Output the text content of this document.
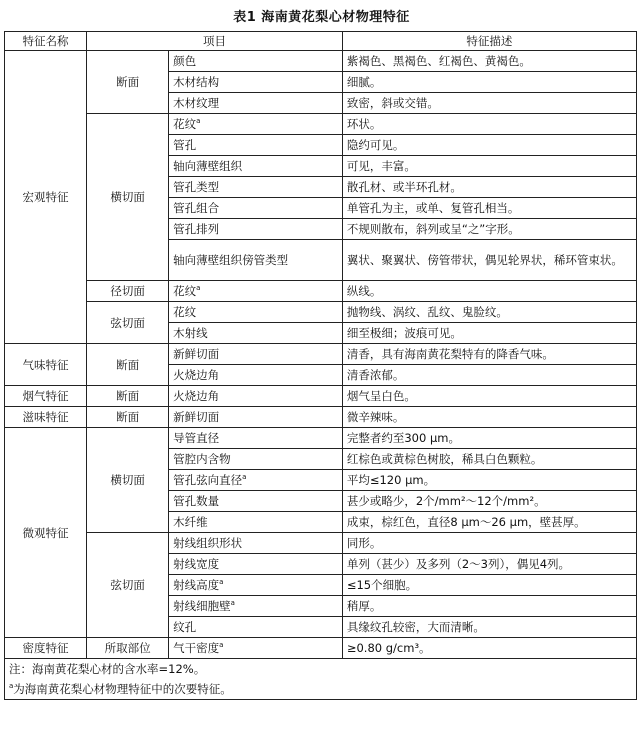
表1 海南黄花梨心材物理特征
特征名称	项目		特征描述
宏观特征	断面	颜色	紫褐色、黑褐色、红褐色、黄褐色。
		木材结构	细腻。
		木材纹理	致密，斜或交错。
	横切面	花纹$^a$	环状。
		管孔	隐约可见。
		轴向薄壁组织	可见，丰富。
		管孔类型	散孔材、或半环孔材。
		管孔组合	单管孔为主，或单、复管孔相当。
		管孔排列	不规则散布，斜列或呈“之”字形。
		轴向薄壁组织傍管类型	翼状、聚翼状、傍管带状，偶见轮界状，稀环管束状。
	径切面	花纹$^a$	纵线。
	弦切面	花纹	抛物线、涡纹、乱纹、鬼脸纹。
		木射线	细至极细；波痕可见。
气味特征	断面	新鲜切面	清香，具有海南黄花梨特有的降香气味。
		火烧边角	清香浓郁。
烟气特征	断面	火烧边角	烟气呈白色。
滋味特征	断面	新鲜切面	微辛辣味。
微观特征	横切面	导管直径	完整者约至300 μm。
		管腔内含物	红棕色或黄棕色树胶，稀具白色颗粒。
		管孔弦向直径$^a$	平均≤120 μm。
		管孔数量	甚少或略少，2个/mm²～12个/mm²。
		木纤维	成束，棕红色，直径8 μm～26 μm，壁甚厚。
	弦切面	射线组织形状	同形。
		射线宽度	单列（甚少）及多列（2～3列），偶见4列。
		射线高度$^a$	≤15个细胞。
		射线细胞壁$^a$	稍厚。
		纹孔	具缘纹孔较密，大而清晰。
密度特征	所取部位	气干密度$^a$	≥0.80 g/cm³。
注：海南黄花梨心材的含水率=12%。			
$^a$为海南黄花梨心材物理特征中的次要特征。			
